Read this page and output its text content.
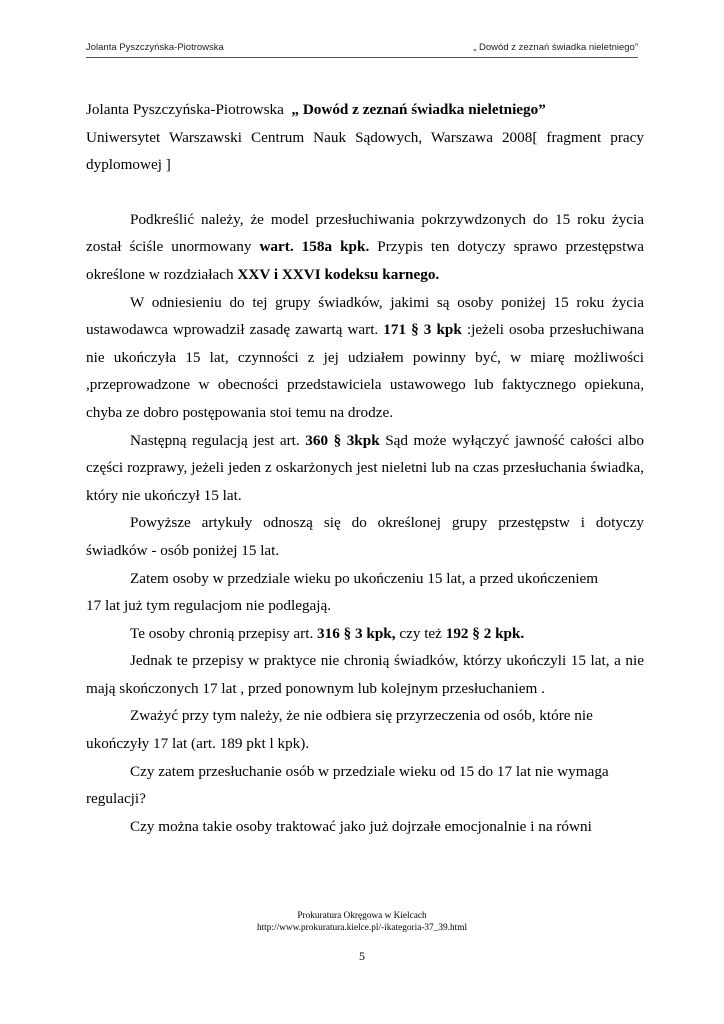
Jolanta Pyszczyńska-Piotrowska	„ Dowód z zeznań świadka nieletniego”

Jolanta Pyszczyńska-Piotrowska „ Dowód z zeznań świadka nieletniego”

Uniwersytet Warszawski Centrum Nauk Sądowych, Warszawa 2008[ fragment pracy

dyplomowej ]

Podkreślić należy, że model przesłuchiwania pokrzywdzonych do 15 roku życia został ściśle unormowany wart. 158a kpk. Przypis ten dotyczy sprawo przestępstwa określone w rozdziałach XXV i XXVI kodeksu karnego.

W odniesieniu do tej grupy świadków, jakimi są osoby poniżej 15 roku życia ustawodawca wprowadził zasadę zawartą wart. 171 § 3 kpk :jeżeli osoba przesłuchiwana nie ukończyła 15 lat, czynności z jej udziałem powinny być, w miarę możliwości ,przeprowadzone w obecności przedstawiciela ustawowego lub faktycznego opiekuna, chyba ze dobro postępowania stoi temu na drodze.

Następną regulacją jest art. 360 § 3kpk Sąd może wyłączyć jawność całości albo części rozprawy, jeżeli jeden z oskarżonych jest nieletni lub na czas przesłuchania świadka, który nie ukończył 15 lat.

Powyższe artykuły odnoszą się do określonej grupy przestępstw i dotyczy świadków - osób poniżej 15 lat.

Zatem osoby w przedziale wieku po ukończeniu 15 lat, a przed ukończeniem

17 lat już tym regulacjom nie podlegają.

Te osoby chronią przepisy art. 316 § 3 kpk, czy też 192 § 2 kpk.

Jednak te przepisy w praktyce nie chronią świadków, którzy ukończyli 15 lat, a nie mają skończonych 17 lat , przed ponownym lub kolejnym przesłuchaniem .

Zważyć przy tym należy, że nie odbiera się przyrzeczenia od osób, które nie

ukończyły 17 lat (art. 189 pkt l kpk).

Czy zatem przesłuchanie osób w przedziale wieku od 15 do 17 lat nie wymaga

regulacji?

Czy można takie osoby traktować jako już dojrzałe emocjonalnie i na równi

Prokuratura Okręgowa w Kielcach
http://www.prokuratura.kielce.pl/-ikategoria-37_39.html
5
